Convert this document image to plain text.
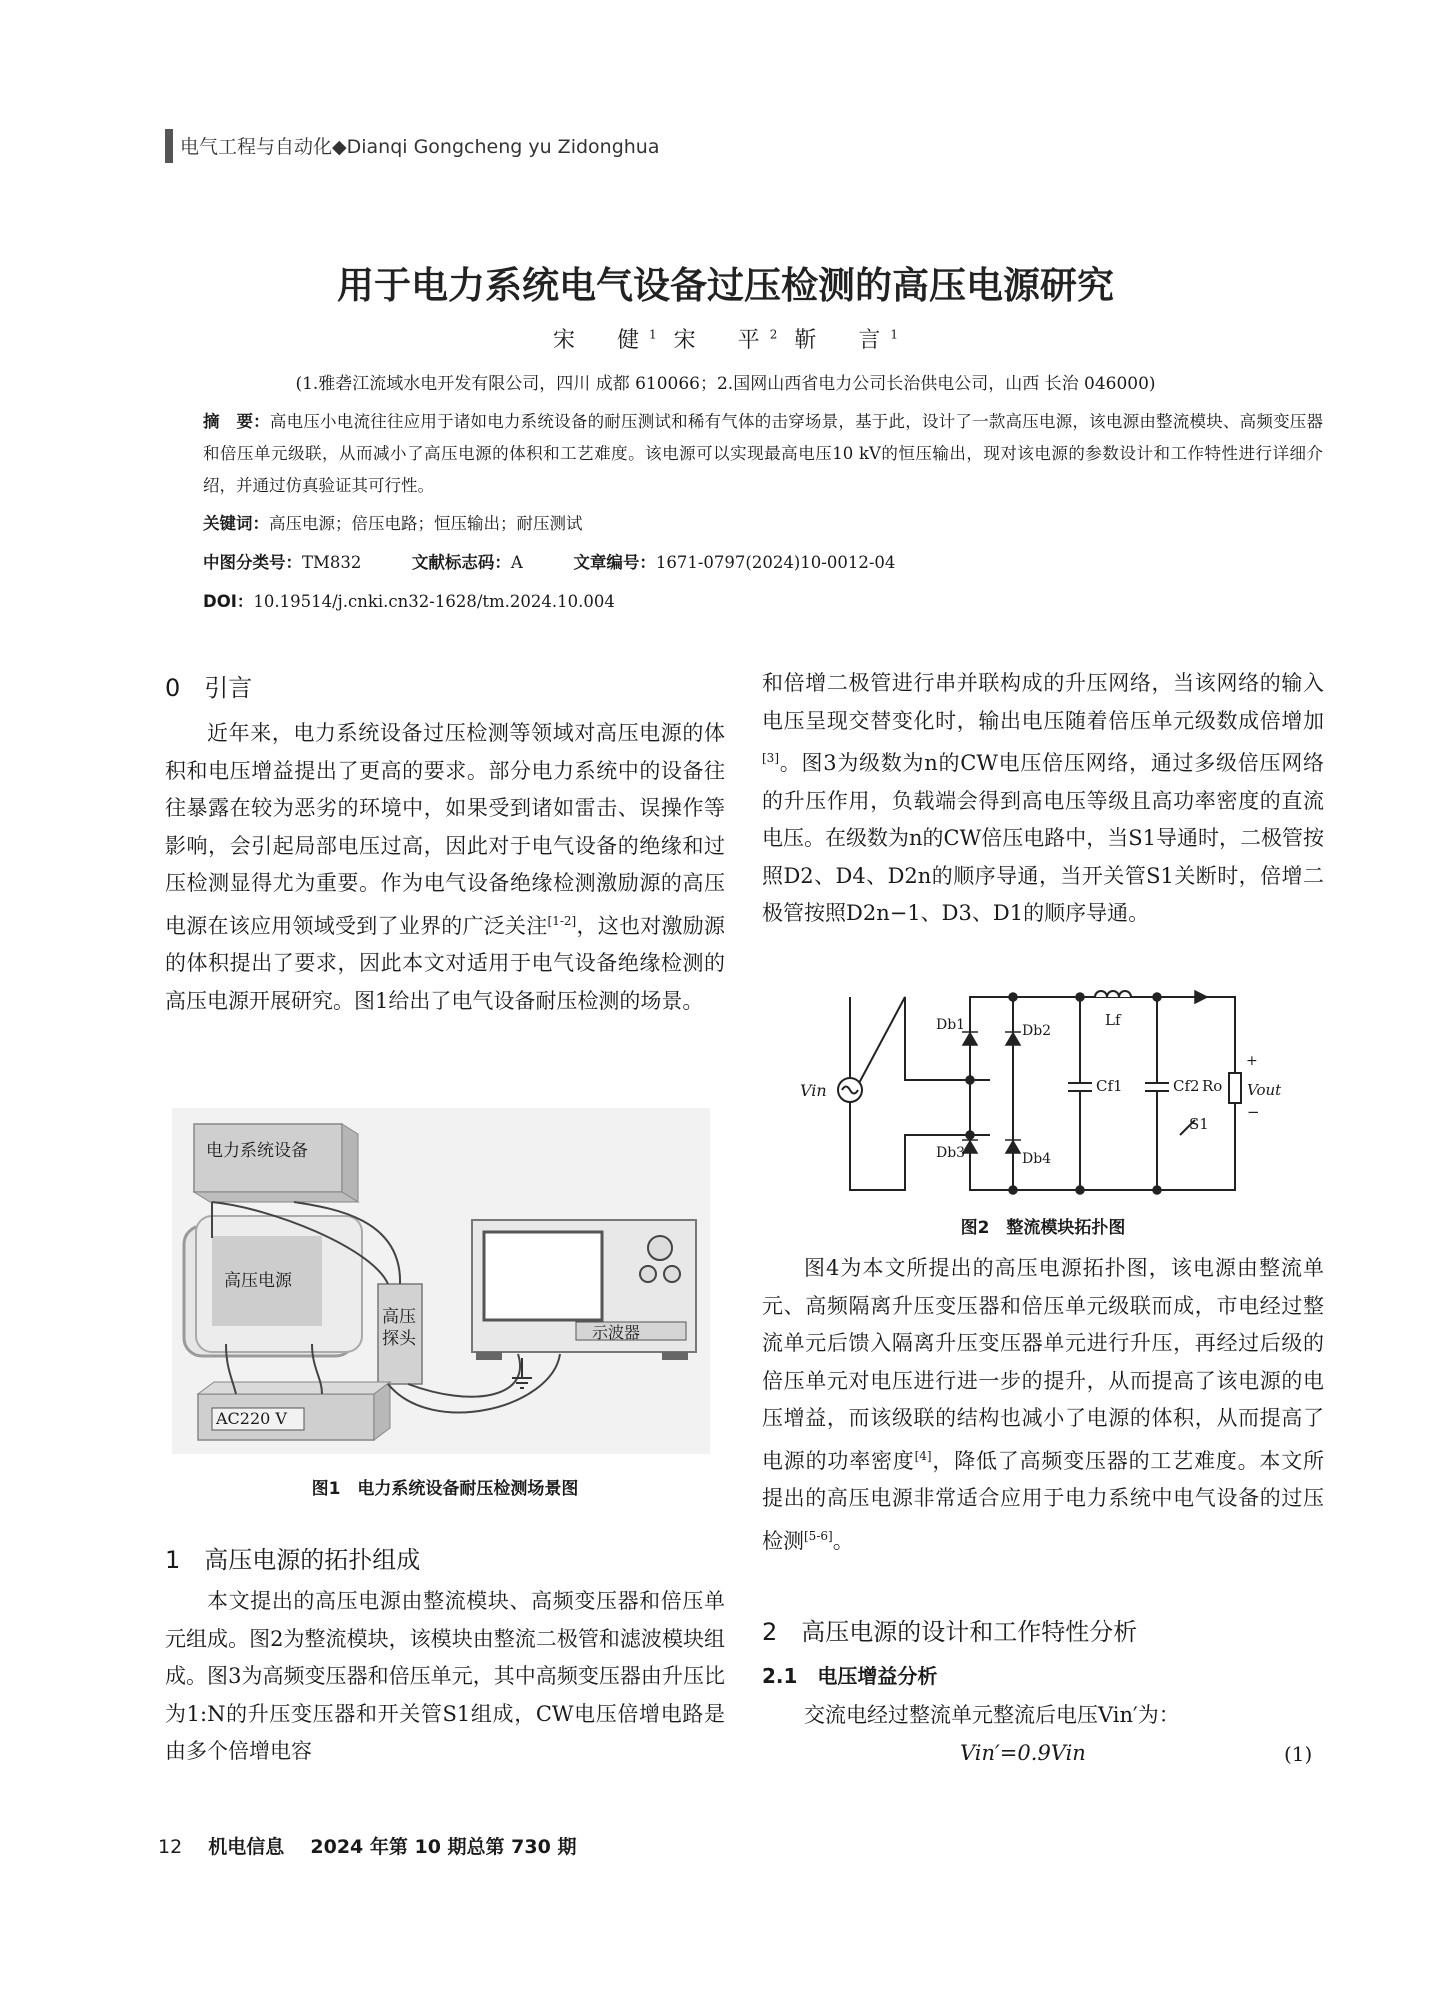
电气工程与自动化◆Dianqi Gongcheng yu Zidonghua
用于电力系统电气设备过压检测的高压电源研究
宋　健$^1$ 宋　平$^2$ 靳　言$^1$
(1.雅砻江流域水电开发有限公司，四川 成都 610066；2.国网山西省电力公司长治供电公司，山西 长治 046000)
摘　要：高电压小电流往往应用于诸如电力系统设备的耐压测试和稀有气体的击穿场景，基于此，设计了一款高压电源，该电源由整流模块、高频变压器和倍压单元级联，从而减小了高压电源的体积和工艺难度。该电源可以实现最高电压10 kV的恒压输出，现对该电源的参数设计和工作特性进行详细介绍，并通过仿真验证其可行性。
关键词：高压电源；倍压电路；恒压输出；耐压测试
中图分类号：TM832	文献标志码：A	文章编号：1671-0797(2024)10-0012-04
DOI：10.19514/j.cnki.cn32-1628/tm.2024.10.004
0　引言
近年来，电力系统设备过压检测等领域对高压电源的体积和电压增益提出了更高的要求。部分电力系统中的设备往往暴露在较为恶劣的环境中，如果受到诸如雷击、误操作等影响，会引起局部电压过高，因此对于电气设备的绝缘和过压检测显得尤为重要。作为电气设备绝缘检测激励源的高压电源在该应用领域受到了业界的广泛关注[1-2]，这也对激励源的体积提出了要求，因此本文对适用于电气设备绝缘检测的高压电源开展研究。图1给出了电气设备耐压检测的场景。
电力系统设备
高压电源
高压
探头	示波器
AC220 V
图1　电力系统设备耐压检测场景图
1　高压电源的拓扑组成
本文提出的高压电源由整流模块、高频变压器和倍压单元组成。图2为整流模块，该模块由整流二极管和滤波模块组成。图3为高频变压器和倍压单元，其中高频变压器由升压比为1:N的升压变压器和开关管S1组成，CW电压倍增电路是由多个倍增电容
和倍增二极管进行串并联构成的升压网络，当该网络的输入电压呈现交替变化时，输出电压随着倍压单元级数成倍增加[3]。图3为级数为n的CW电压倍压网络，通过多级倍压网络的升压作用，负载端会得到高电压等级且高功率密度的直流电压。在级数为n的CW倍压电路中，当S1导通时，二极管按照D2、D4、D2n的顺序导通，当开关管S1关断时，倍增二极管按照D2n−1、D3、D1的顺序导通。
Vin
Db1	Db2
Db3	Db4
Lf
Cf1	Cf2 Ro
+
Vout
−
S1
图2　整流模块拓扑图
图4为本文所提出的高压电源拓扑图，该电源由整流单元、高频隔离升压变压器和倍压单元级联而成，市电经过整流单元后馈入隔离升压变压器单元进行升压，再经过后级的倍压单元对电压进行进一步的提升，从而提高了该电源的电压增益，而该级联的结构也减小了电源的体积，从而提高了电源的功率密度[4]，降低了高频变压器的工艺难度。本文所提出的高压电源非常适合应用于电力系统中电气设备的过压检测[5-6]。
2　高压电源的设计和工作特性分析
2.1　电压增益分析
交流电经过整流单元整流后电压Vin′为：
Vin′=0.9Vin	(1)
12 机电信息 2024 年第 10 期总第 730 期
